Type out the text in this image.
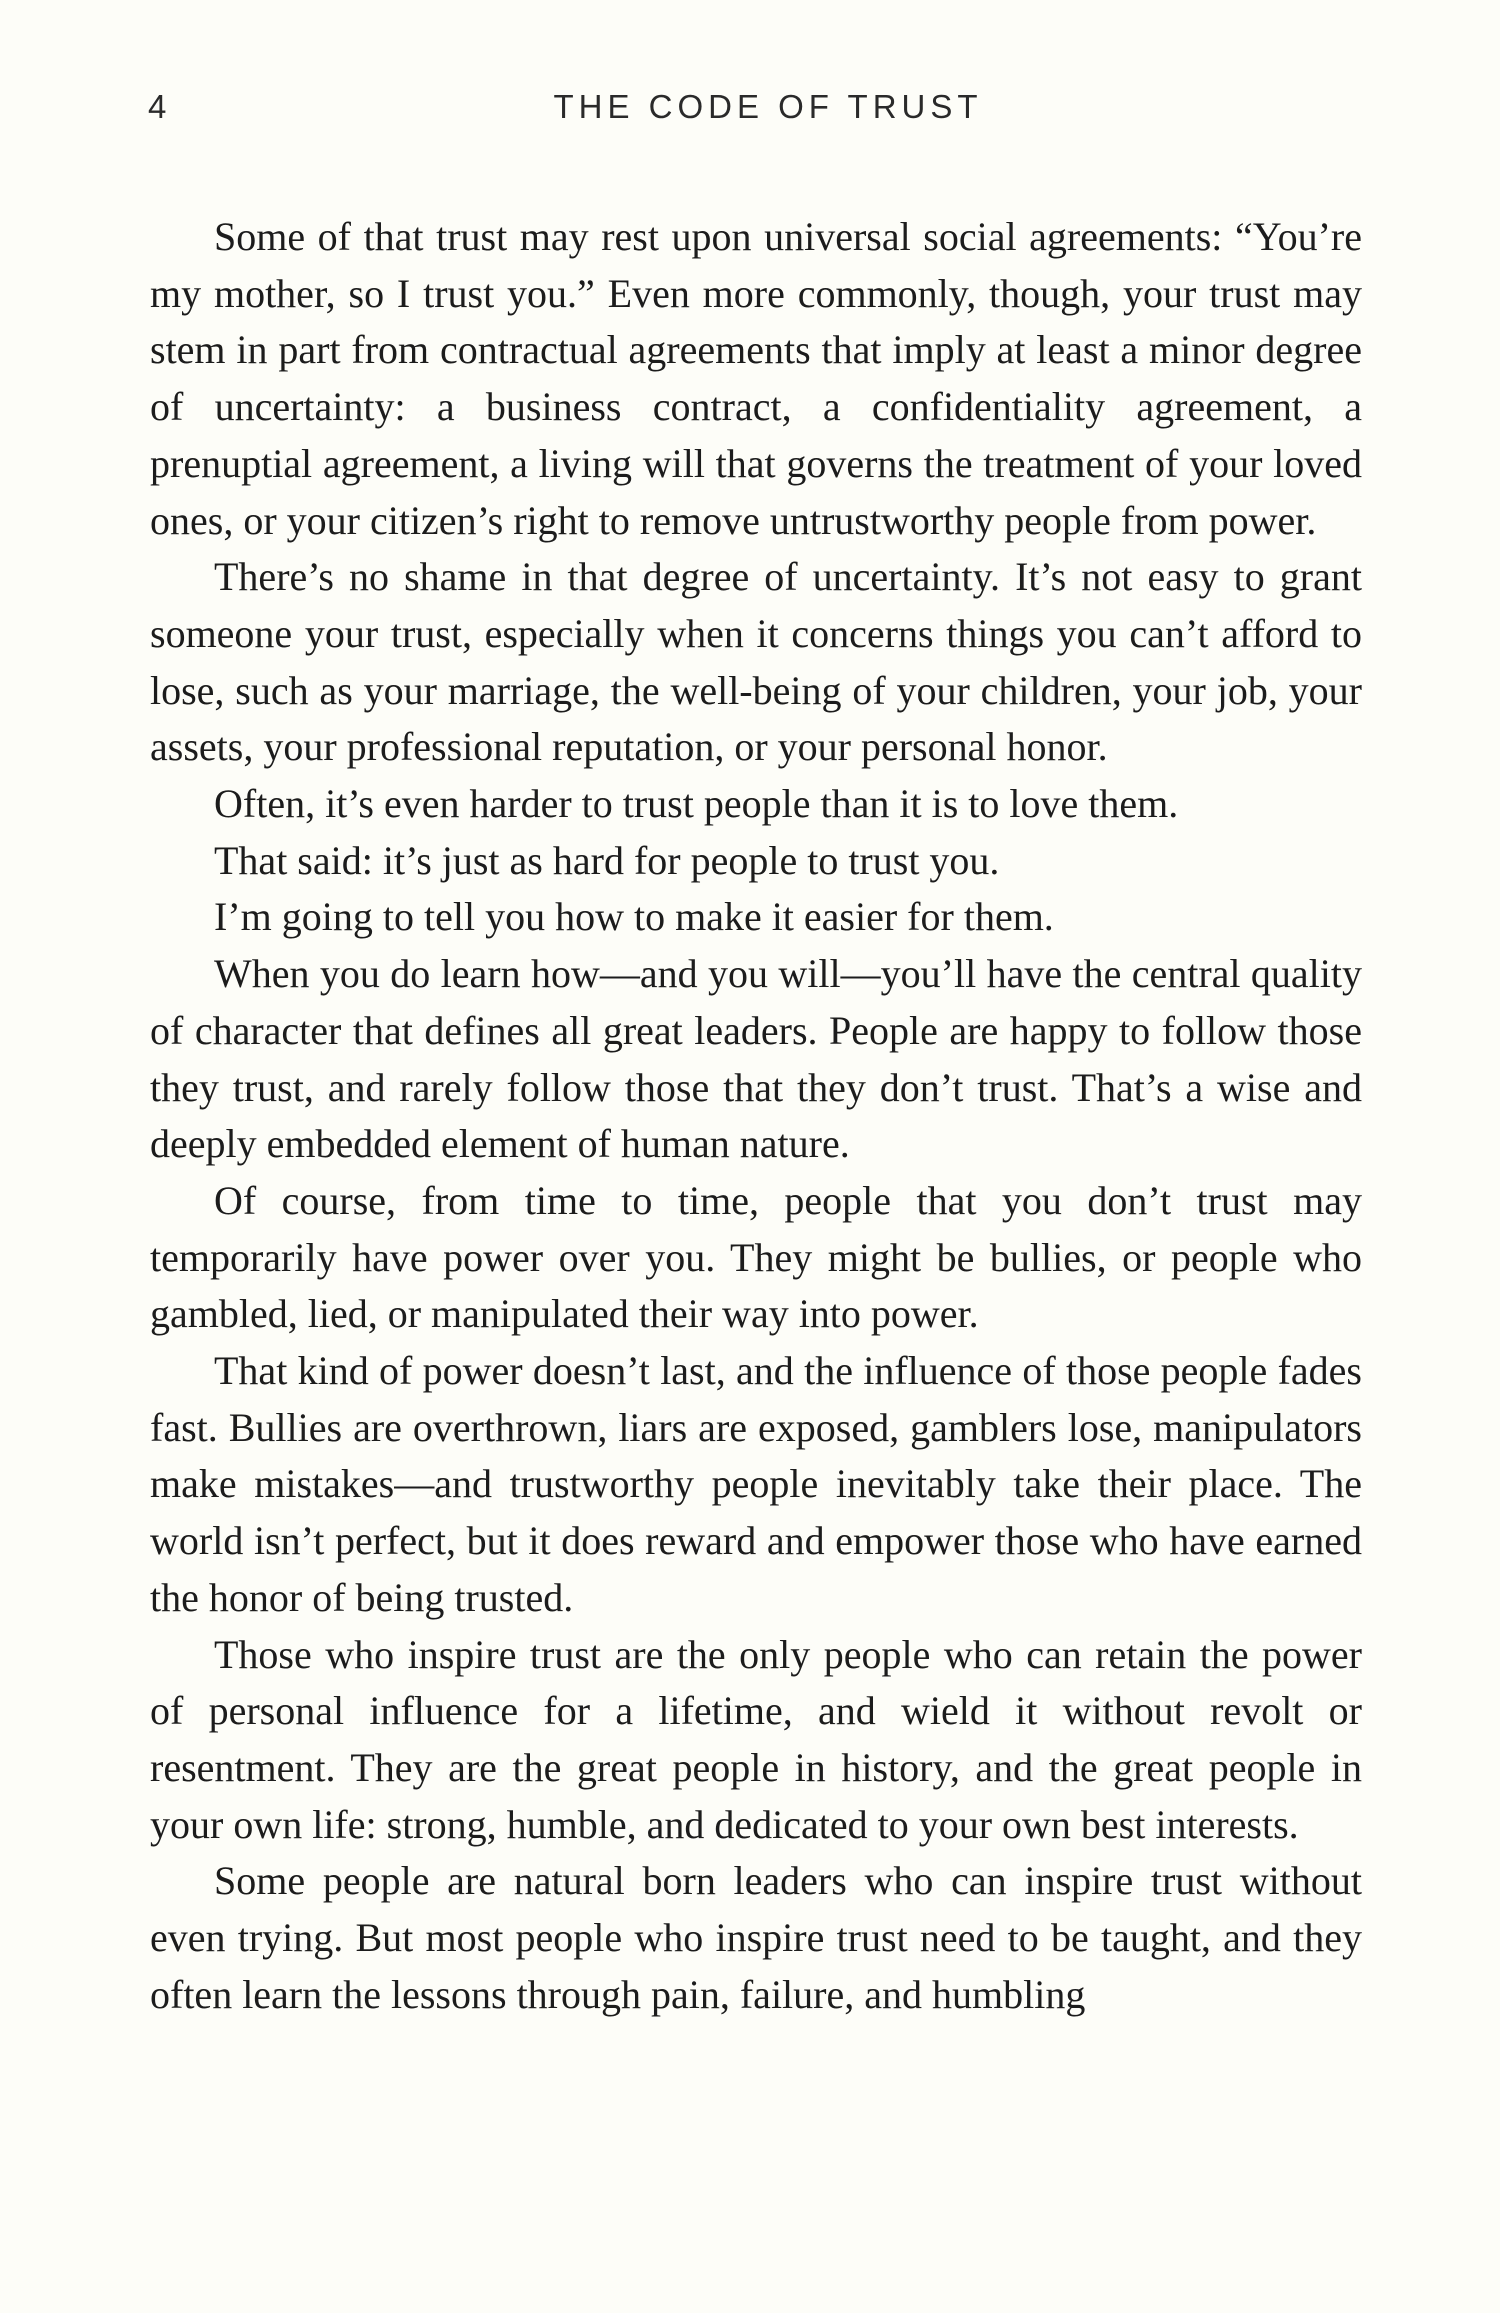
4	THE CODE OF TRUST

Some of that trust may rest upon universal social agreements: “You’re my mother, so I trust you.” Even more commonly, though, your trust may stem in part from contractual agreements that imply at least a minor degree of uncertainty: a business contract, a confidentiality agreement, a prenuptial agreement, a living will that governs the treatment of your loved ones, or your citizen’s right to remove untrustworthy people from power.

There’s no shame in that degree of uncertainty. It’s not easy to grant someone your trust, especially when it concerns things you can’t afford to lose, such as your marriage, the well-being of your children, your job, your assets, your professional reputation, or your personal honor.

Often, it’s even harder to trust people than it is to love them.

That said: it’s just as hard for people to trust you.

I’m going to tell you how to make it easier for them.

When you do learn how—and you will—you’ll have the central quality of character that defines all great leaders. People are happy to follow those they trust, and rarely follow those that they don’t trust. That’s a wise and deeply embedded element of human nature.

Of course, from time to time, people that you don’t trust may temporarily have power over you. They might be bullies, or people who gambled, lied, or manipulated their way into power.

That kind of power doesn’t last, and the influence of those people fades fast. Bullies are overthrown, liars are exposed, gamblers lose, manipulators make mistakes—and trustworthy people inevitably take their place. The world isn’t perfect, but it does reward and empower those who have earned the honor of being trusted.

Those who inspire trust are the only people who can retain the power of personal influence for a lifetime, and wield it without revolt or resentment. They are the great people in history, and the great people in your own life: strong, humble, and dedicated to your own best interests.

Some people are natural born leaders who can inspire trust without even trying. But most people who inspire trust need to be taught, and they often learn the lessons through pain, failure, and humbling
